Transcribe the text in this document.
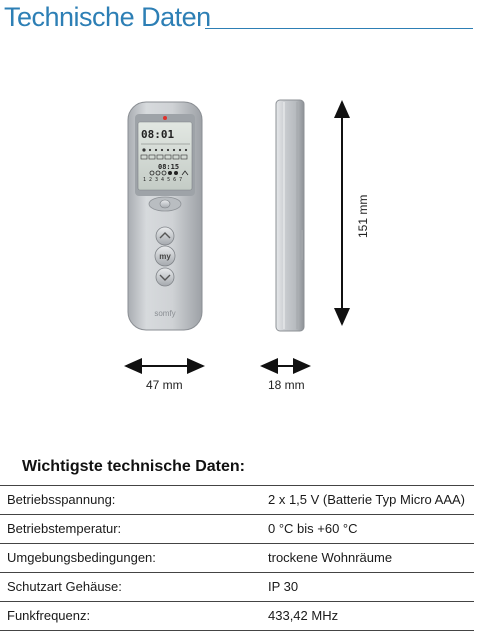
Technische Daten
08:01
08:15
1 2 3 4 5 6 7
my
somfy
47 mm	18 mm
151 mm
Wichtigste technische Daten:
Betriebsspannung:	2 x 1,5 V (Batterie Typ Micro AAA)
Betriebstemperatur:	0 °C bis +60 °C
Umgebungsbedingungen:	trockene Wohnräume
Schutzart Gehäuse:	IP 30
Funkfrequenz:	433,42 MHz
